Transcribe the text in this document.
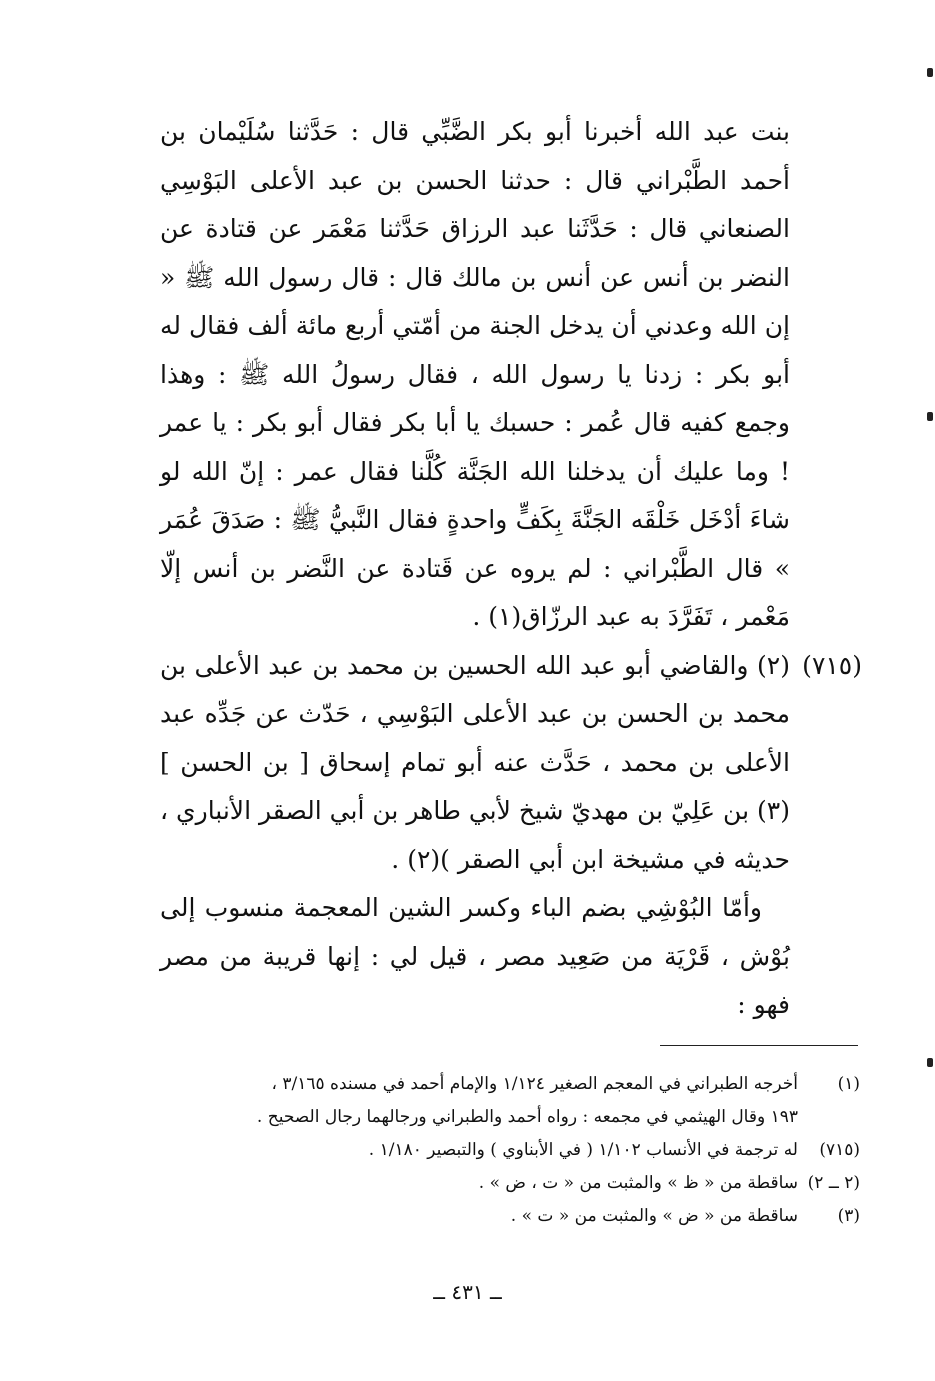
بنت عبد الله أخبرنا أبو بكر الضَّبِّي قال : حَدَّثنا سُلَيْمان بن أحمد الطَّبْراني قال : حدثنا الحسن بن عبد الأعلى البَوْسِي الصنعاني قال : حَدَّثَنا عبد الرزاق حَدَّثنا مَعْمَر عن قتادة عن النضر بن أنس عن أنس بن مالك قال : قال رسول الله ﷺ « إن الله وعدني أن يدخل الجنة من أمّتي أربع مائة ألف فقال له أبو بكر : زدنا يا رسول الله ، فقال رسولُ الله ﷺ : وهذا وجمع كفيه قال عُمر : حسبك يا أبا بكر فقال أبو بكر : يا عمر ! وما عليك أن يدخلنا الله الجَنَّة كُلَّنا فقال عمر : إنّ الله لو شاءَ أدْخَل خَلْقَه الجَنَّةَ بِكَفٍّ واحدةٍ فقال النَّبيُّ ﷺ : صَدَقَ عُمَر » قال الطَّبْراني : لم يروه عن قَتادة عن النَّضر بن أنس إلّا مَعْمر ، تَفَرَّدَ به عبد الرزّاق(١) .

(٧١٥)

(٢) والقاضي أبو عبد الله الحسين بن محمد بن عبد الأعلى بن محمد بن الحسن بن عبد الأعلى البَوْسِي ، حَدّث عن جَدِّه عبد الأعلى بن محمد ، حَدَّث عنه أبو تمام إسحاق [ بن الحسن ](٣) بن عَلِيّ بن مهديّ شيخ لأبي طاهر بن أبي الصقر الأنباري ، حديثه في مشيخة ابن أبي الصقر )(٢) .

وأمّا البُوْشِي بضم الباء وكسر الشين المعجمة منسوب إلى بُوْش ، قَرْيَة من صَعِيد مصر ، قيل لي : إنها قريبة من مصر فهو :

(١)
أخرجه الطبراني في المعجم الصغير ١/١٢٤ والإمام أحمد في مسنده ٣/١٦٥ ،

١٩٣ وقال الهيثمي في مجمعه : رواه أحمد والطبراني ورجالهما رجال الصحيح .

(٧١٥)
له ترجمة في الأنساب ١/١٠٢ ( في الأبناوي ) والتبصير ١/١٨٠ .

(٢ ــ ٢)
ساقطة من « ظ » والمثبت من « ت ، ض » .

(٣)
ساقطة من « ض » والمثبت من « ت » .

ــ ٤٣١ ــ
